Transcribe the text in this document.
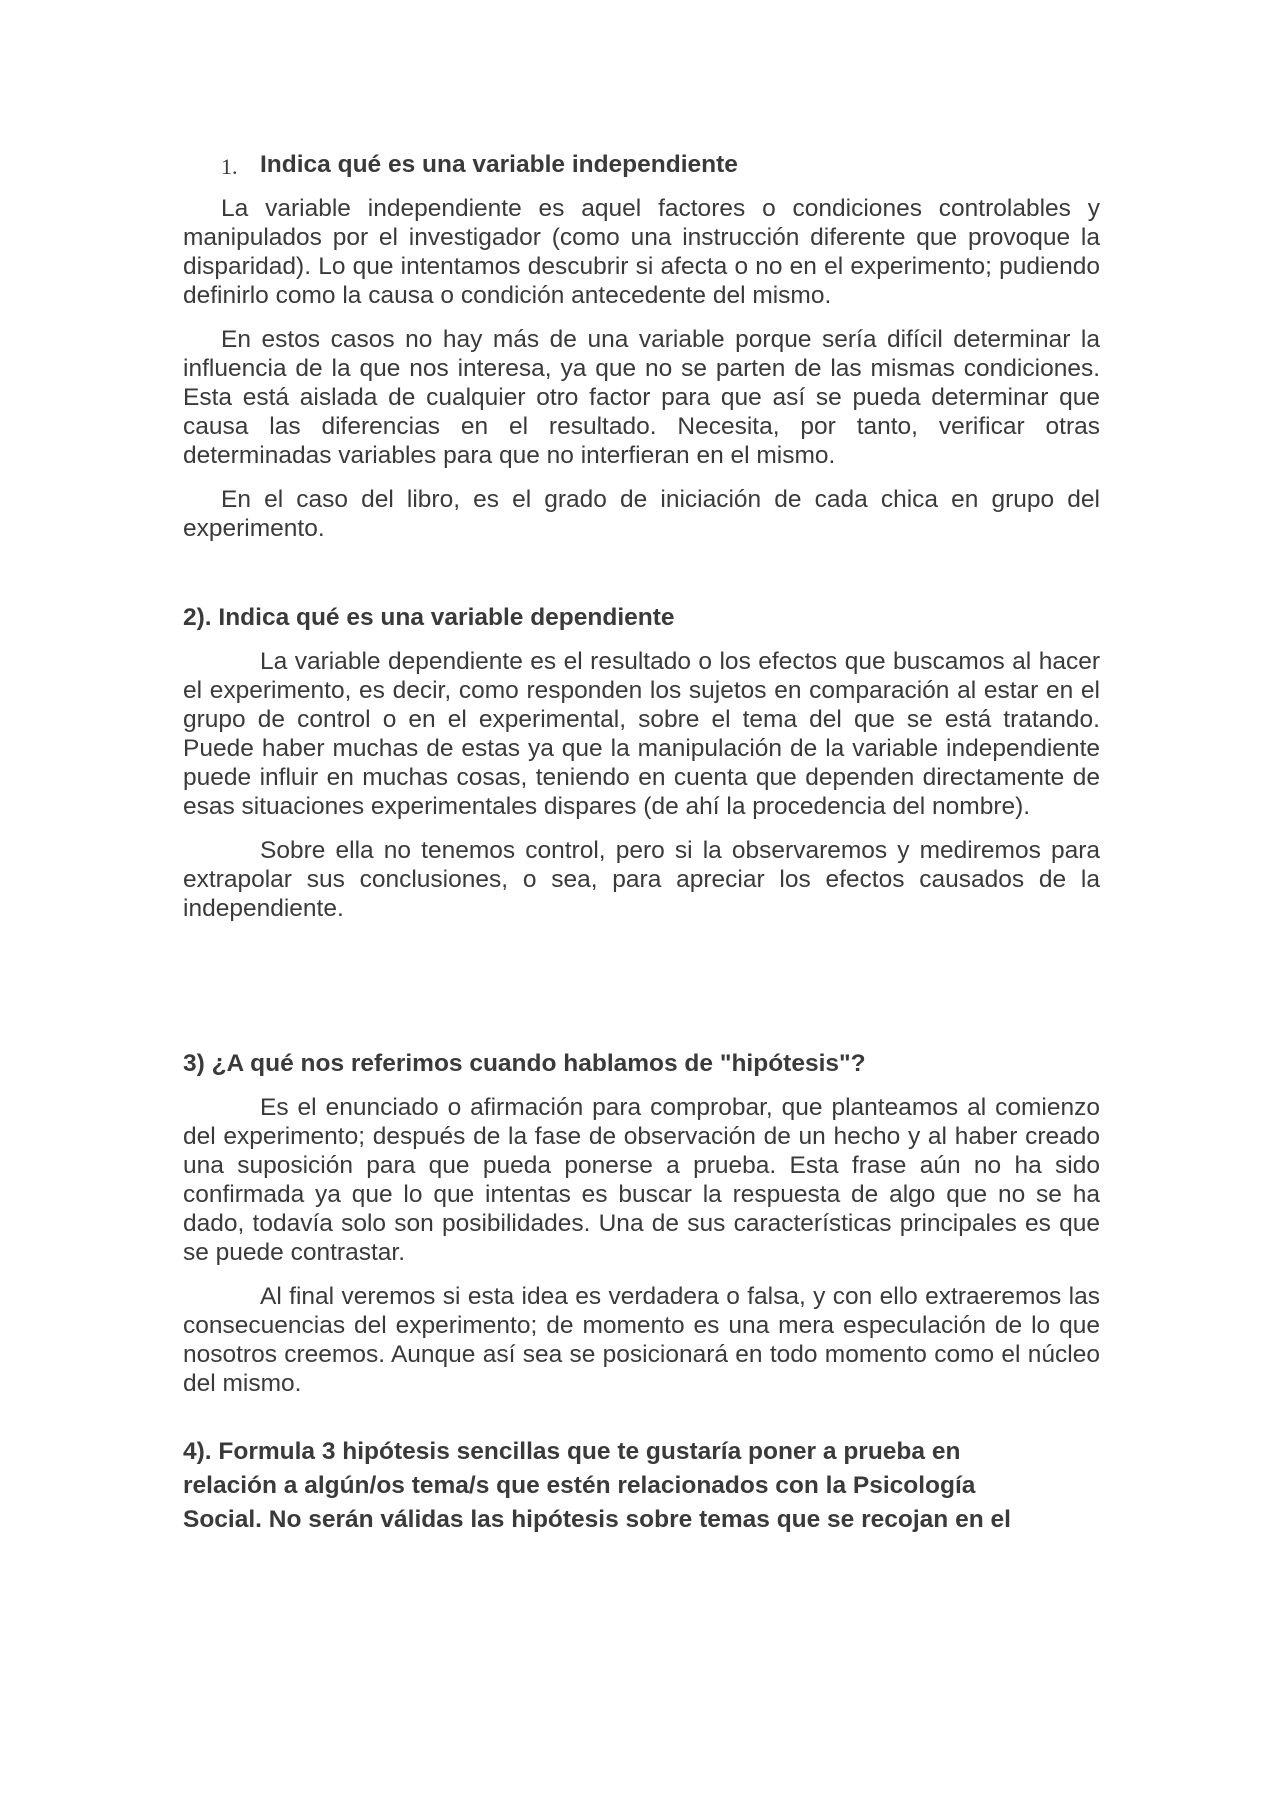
1. Indica qué es una variable independiente

La variable independiente es aquel factores o condiciones controlables y manipulados por el investigador (como una instrucción diferente que provoque la disparidad). Lo que intentamos descubrir si afecta o no en el experimento; pudiendo definirlo como la causa o condición antecedente del mismo.

En estos casos no hay más de una variable porque sería difícil determinar la influencia de la que nos interesa, ya que no se parten de las mismas condiciones. Esta está aislada de cualquier otro factor para que así se pueda determinar que causa las diferencias en el resultado. Necesita, por tanto, verificar otras determinadas variables para que no interfieran en el mismo.

En el caso del libro, es el grado de iniciación de cada chica en grupo del experimento.

2). Indica qué es una variable dependiente

La variable dependiente es el resultado o los efectos que buscamos al hacer el experimento, es decir, como responden los sujetos en comparación al estar en el grupo de control o en el experimental, sobre el tema del que se está tratando. Puede haber muchas de estas ya que la manipulación de la variable independiente puede influir en muchas cosas, teniendo en cuenta que dependen directamente de esas situaciones experimentales dispares (de ahí la procedencia del nombre).

Sobre ella no tenemos control, pero si la observaremos y mediremos para extrapolar sus conclusiones, o sea, para apreciar los efectos causados de la independiente.

3) ¿A qué nos referimos cuando hablamos de "hipótesis"?

Es el enunciado o afirmación para comprobar, que planteamos al comienzo del experimento; después de la fase de observación de un hecho y al haber creado una suposición para que pueda ponerse a prueba. Esta frase aún no ha sido confirmada ya que lo que intentas es buscar la respuesta de algo que no se ha dado, todavía solo son posibilidades. Una de sus características principales es que se puede contrastar.

Al final veremos si esta idea es verdadera o falsa, y con ello extraeremos las consecuencias del experimento; de momento es una mera especulación de lo que nosotros creemos. Aunque así sea se posicionará en todo momento como el núcleo del mismo.

4). Formula 3 hipótesis sencillas que te gustaría poner a prueba en
relación a algún/os tema/s que estén relacionados con la Psicología
Social. No serán válidas las hipótesis sobre temas que se recojan en el
